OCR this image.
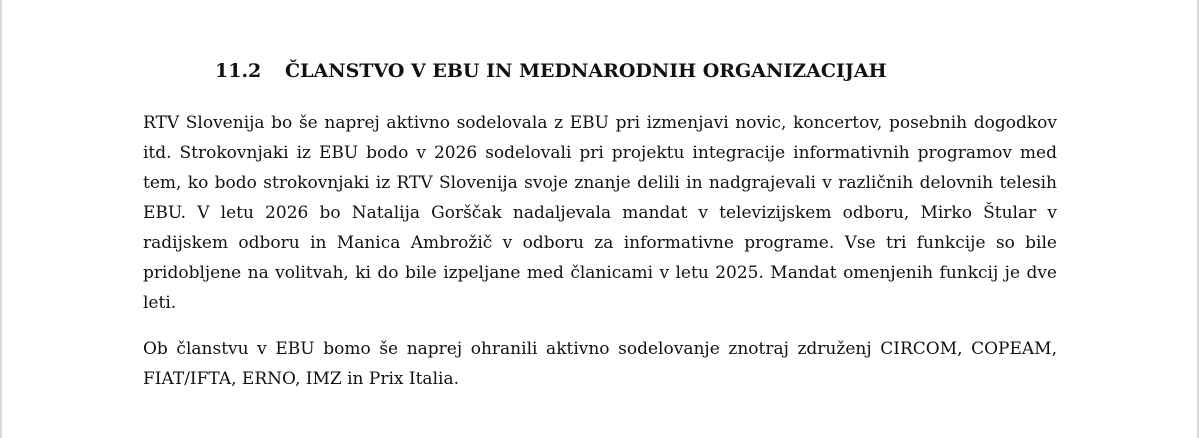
11.2 ČLANSTVO V EBU IN MEDNARODNIH ORGANIZACIJAH

RTV Slovenija bo še naprej aktivno sodelovala z EBU pri izmenjavi novic, koncertov, posebnih dogodkov itd. Strokovnjaki iz EBU bodo v 2026 sodelovali pri projektu integracije informativnih programov med tem, ko bodo strokovnjaki iz RTV Slovenija svoje znanje delili in nadgrajevali v različnih delovnih telesih EBU. V letu 2026 bo Natalija Gorščak nadaljevala mandat v televizijskem odboru, Mirko Štular v radijskem odboru in Manica Ambrožič v odboru za informativne programe. Vse tri funkcije so bile pridobljene na volitvah, ki do bile izpeljane med članicami v letu 2025. Mandat omenjenih funkcij je dve leti.

Ob članstvu v EBU bomo še naprej ohranili aktivno sodelovanje znotraj združenj CIRCOM, COPEAM, FIAT/IFTA, ERNO, IMZ in Prix Italia.
